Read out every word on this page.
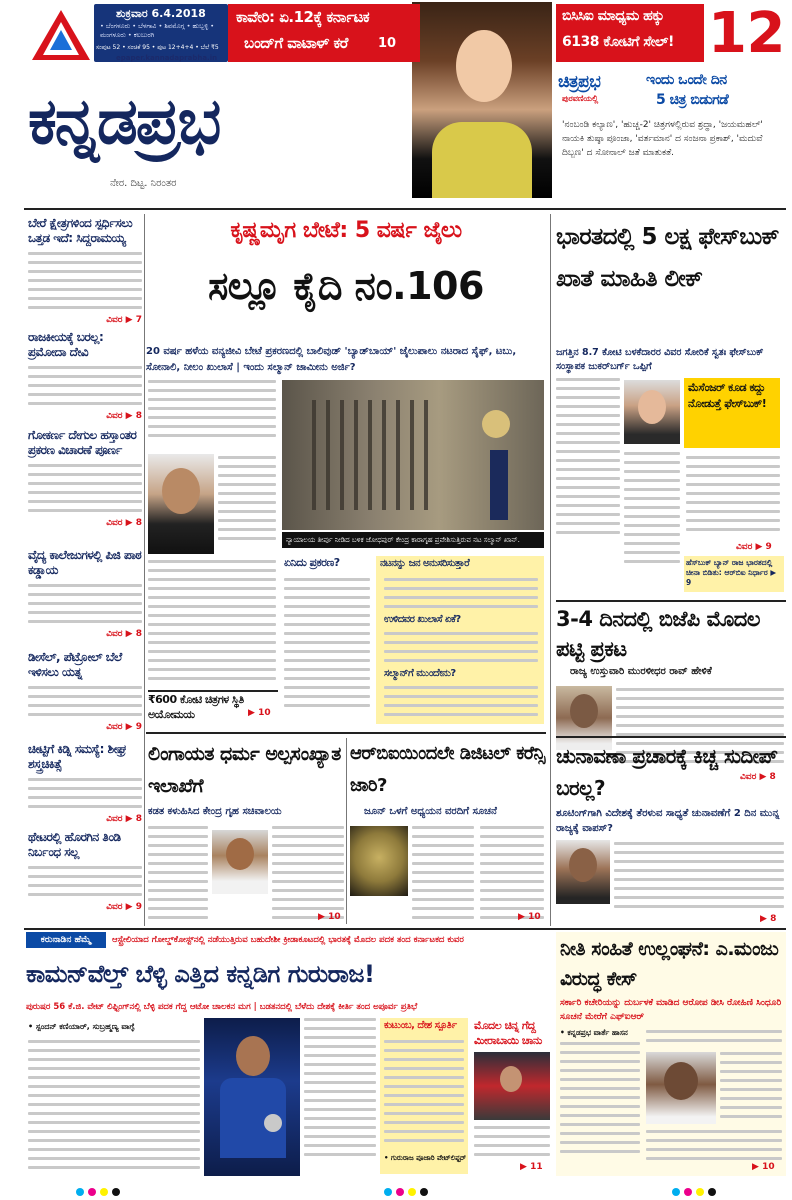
ಶುಕ್ರವಾರ 6.4.2018
• ಬೆಂಗಳೂರು • ಬೆಳಗಾವಿ • ಶಿವಮೊಗ್ಗ • ಹುಬ್ಬಳ್ಳಿ • ಮಂಗಳೂರು • ಕಲಬುರಗಿ
ಸಂಪುಟ 52 • ಸಂಚಿಕೆ 95 • ಪುಟ 12+4+4 • ಬೆಲೆ ₹5
epaper.kannadaprabha.in
ಕನ್ನಡಪ್ರಭ
ನೇರ. ದಿಟ್ಟ. ನಿರಂತರ
ಕಾವೇರಿ: ಏ.12ಕ್ಕೆ ಕರ್ನಾಟಕ
ಬಂದ್‌ಗೆ ವಾಟಾಳ್ ಕರೆ 10
ಬಿಸಿಸಿಐ ಮಾಧ್ಯಮ ಹಕ್ಕು
6138 ಕೋಟಿಗೆ ಸೇಲ್! 12
ಚಿತ್ರಪ್ರಭ
ಪುರವಣಿಯಲ್ಲಿ
ಇಂದು ಒಂದೇ ದಿನ
5 ಚಿತ್ರ ಬಿಡುಗಡೆ
'ನಂಬಂಡಿ ಕಲ್ಯಾಣ', 'ಹುಚ್ಚ-2' ಚಿತ್ರಗಳಲ್ಲಿರುವ ಶ್ರದ್ಧಾ, 'ಜಯಮಹಲ್' ನಾಯಕಿ ತುಷ್ಠಾ ಪೂಂಜಾ, 'ವರ್ತಮಾನ' ದ ಸಂಜನಾ ಪ್ರಕಾಶ್, 'ಮದುವೆ ದಿಬ್ಬಣ' ದ ಸೋನಾಲ್ ಜತೆ ಮಾತುಕತೆ.
ಬೇರೆ ಕ್ಷೇತ್ರಗಳಿಂದ ಸ್ಪರ್ಧಿಸಲು ಒತ್ತಡ ಇದೆ: ಸಿದ್ದರಾಮಯ್ಯ
ವಿವರ ▶ 7
ರಾಜಕೀಯಕ್ಕೆ ಬರಲ್ಲ: ಪ್ರಮೋದಾ ದೇವಿ
ವಿವರ ▶ 8
ಗೋಕರ್ಣ ದೇಗುಲ ಹಸ್ತಾಂತರ ಪ್ರಕರಣ ವಿಚಾರಣೆ ಪೂರ್ಣ
ವಿವರ ▶ 8
ವೈದ್ಯ ಕಾಲೇಜುಗಳಲ್ಲಿ ಪಿಜಿ ಪಾಠ ಕಡ್ಡಾಯ
ವಿವರ ▶ 8
ಡೀಸೆಲ್, ಪೆಟ್ರೋಲ್ ಬೆಲೆ ಇಳಿಸಲು ಯತ್ನ
ವಿವರ ▶ 9
ಚೀಟ್ಟಿಗೆ ಕಿಡ್ನಿ ಸಮಸ್ಯೆ: ಶೀಘ್ರ ಶಸ್ತ್ರಚಿಕಿತ್ಸೆ
ವಿವರ ▶ 8
ಥೇಟರಲ್ಲಿ ಹೊರಗಿನ ತಿಂಡಿ ನಿರ್ಬಂಧ ಸಲ್ಲ
ವಿವರ ▶ 9
ಕೃಷ್ಣಮೃಗ ಬೇಟೆ: 5 ವರ್ಷ ಜೈಲು
ಸಲ್ಲೂ ಕೈದಿ ನಂ.106
20 ವರ್ಷ ಹಳೆಯ ವನ್ಯಜೀವಿ ಬೇಟೆ ಪ್ರಕರಣದಲ್ಲಿ ಬಾಲಿವುಡ್ 'ಬ್ಯಾಡ್‌ಬಾಯ್' ಜೈಲುಪಾಲು ನಟರಾದ ಸೈಫ್, ಟಬು, ಸೋನಾಲಿ, ನೀಲಂ ಖುಲಾಸೆ | ಇಂದು ಸಲ್ಮಾನ್ ಜಾಮೀನು ಅರ್ಜಿ?
ನ್ಯಾಯಾಲಯ ತೀರ್ಪು ನೀಡಿದ ಬಳಿಕ ಜೋಧಪುರ್ ಕೇಂದ್ರ ಕಾರಾಗೃಹ ಪ್ರವೇಶಿಸುತ್ತಿರುವ ನಟ ಸಲ್ಮಾನ್ ಖಾನ್.
₹600 ಕೋಟಿ ಚಿತ್ರಗಳ ಸ್ಥಿತಿ ಅಯೋಮಯ	▶ 10
ಏನಿದು ಪ್ರಕರಣ?	ನಟನನ್ನು ಜನ ಅನುಸರಿಸುತ್ತಾರೆ
ಉಳಿದವರ ಖುಲಾಸೆ ಏಕೆ?
ಸಲ್ಮಾನ್‌ಗೆ ಮುಂದೇನು?
ಭಾರತದಲ್ಲಿ 5 ಲಕ್ಷ ಫೇಸ್‌ಬುಕ್ ಖಾತೆ ಮಾಹಿತಿ ಲೀಕ್
ಜಗತ್ತಿನ 8.7 ಕೋಟಿ ಬಳಕೆದಾರರ ವಿವರ ಸೋರಿಕೆ ಸ್ವತಃ ಫೇಸ್‌ಬುಕ್ ಸಂಸ್ಥಾಪಕ ಜುಕರ್‌ಬರ್ಗ್ ಒಪ್ಪಿಗೆ
ಮೆಸೆಂಜರ್ ಕೂಡ ಕದ್ದು ನೋಡುತ್ತೆ ಫೇಸ್‌ಬುಕ್!
ವಿವರ ▶ 9
ಹೆಸ್‌ಬುಕ್ ಬ್ಯಾನ್ ರಾಜ ಭಾರತದಲ್ಲಿ ಚೀನಾ ಬಿಡಿತು: ಆರ್‌ಬಿಐ ನಿರ್ಧಾರ ▶ 9
3-4 ದಿನದಲ್ಲಿ ಬಿಜೆಪಿ ಮೊದಲ ಪಟ್ಟಿ ಪ್ರಕಟ
ರಾಜ್ಯ ಉಸ್ತುವಾರಿ ಮುರಳೀಧರ ರಾವ್ ಹೇಳಿಕೆ
ವಿವರ ▶ 8
ಲಿಂಗಾಯತ ಧರ್ಮ ಅಲ್ಪಸಂಖ್ಯಾತ ಇಲಾಖೆಗೆ
ಕಡತ ಕಳುಹಿಸಿದ ಕೇಂದ್ರ ಗೃಹ ಸಚಿವಾಲಯ
▶ 10
ಆರ್‌ಬಿಐಯಿಂದಲೇ ಡಿಜಿಟಲ್ ಕರೆನ್ಸಿ ಜಾರಿ?
ಜೂನ್ ಒಳಗೆ ಅಧ್ಯಯನ ವರದಿಗೆ ಸೂಚನೆ
▶ 10
ಚುನಾವಣಾ ಪ್ರಚಾರಕ್ಕೆ ಕಿಚ್ಚ ಸುದೀಪ್ ಬರಲ್ಲ?
ಶೂಟಿಂಗ್‌ಗಾಗಿ ವಿದೇಶಕ್ಕೆ ತೆರಳುವ ಸಾಧ್ಯತೆ ಚುನಾವಣೆಗೆ 2 ದಿನ ಮುನ್ನ ರಾಜ್ಯಕ್ಕೆ ವಾಪಸ್?
▶ 8
ಕರುನಾಡಿನ ಹೆಮ್ಮೆ	ಆಸ್ಟ್ರೇಲಿಯಾದ ಗೋಲ್ಡ್‌ಕೋಸ್ಟ್‌ನಲ್ಲಿ ನಡೆಯುತ್ತಿರುವ ಬಹುದೇಶೀ ಕ್ರೀಡಾಕೂಟದಲ್ಲಿ ಭಾರತಕ್ಕೆ ಮೊದಲ ಪದಕ ತಂದ ಕರ್ನಾಟಕದ ಕುವರ
ಕಾಮನ್‌ವೆಲ್ತ್ ಬೆಳ್ಳಿ ಎತ್ತಿದ ಕನ್ನಡಿಗ ಗುರುರಾಜ!
ಪುರುಷರ 56 ಕೆ.ಜಿ. ವೇಟ್ ಲಿಫ್ಟಿಂಗ್‌ನಲ್ಲಿ ಬೆಳ್ಳಿ ಪದಕ ಗೆದ್ದ ಆಟೋ ಚಾಲಕನ ಮಗ | ಬಡತನದಲ್ಲಿ ಬೆಳೆದು ದೇಶಕ್ಕೆ ಕೀರ್ತಿ ತಂದ ಅಪೂರ್ವ ಪ್ರತಿಭೆ
• ಸ್ಪಂದನ್ ಕಣಿಯಾರ್, ಸುಬ್ರಹ್ಮಣ್ಯ ವಾಗ್ಳೆ	ಕುಟುಂಬ, ದೇಶ ಸ್ಪೂರ್ತಿ
• ಗುರುರಾಜ ಪೂಜಾರಿ ವೇಟ್‌ಲಿಫ್ಟರ್
ಮೊದಲ ಚಿನ್ನ ಗೆದ್ದ ಮೀರಾಬಾಯಿ ಚಾನು
▶ 11
ನೀತಿ ಸಂಹಿತೆ ಉಲ್ಲಂಘನೆ: ಎ.ಮಂಜು ವಿರುದ್ಧ ಕೇಸ್
ಸರ್ಕಾರಿ ಕಚೇರಿಯನ್ನು ದುರ್ಬಳಕೆ ಮಾಡಿದ ಆರೋಪ ಡೀಸಿ ರೋಹಿಣಿ ಸಿಂಧೂರಿ ಸೂಚನೆ ಮೇರೆಗೆ ಎಫ್‌ಐಆರ್
• ಕನ್ನಡಪ್ರಭ ವಾರ್ತೆ ಹಾಸನ
▶ 10
